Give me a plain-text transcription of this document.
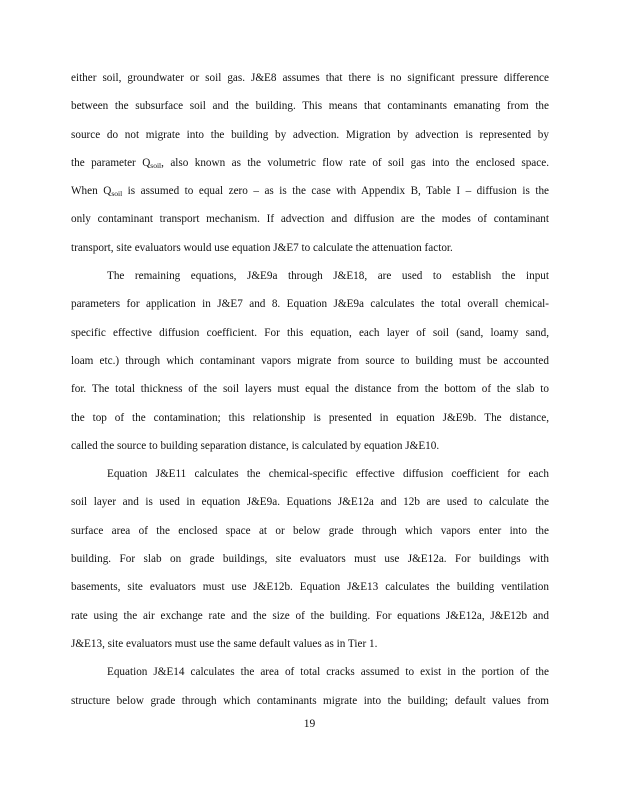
either soil, groundwater or soil gas. J&E8 assumes that there is no significant pressure difference
between the subsurface soil and the building. This means that contaminants emanating from the
source do not migrate into the building by advection. Migration by advection is represented by
the parameter $Q_{soil}$, also known as the volumetric flow rate of soil gas into the enclosed space.
When $Q_{soil}$ is assumed to equal zero – as is the case with Appendix B, Table I – diffusion is the
only contaminant transport mechanism. If advection and diffusion are the modes of contaminant
transport, site evaluators would use equation J&E7 to calculate the attenuation factor.
The remaining equations, J&E9a through J&E18, are used to establish the input
parameters for application in J&E7 and 8. Equation J&E9a calculates the total overall chemical-
specific effective diffusion coefficient. For this equation, each layer of soil (sand, loamy sand,
loam etc.) through which contaminant vapors migrate from source to building must be accounted
for. The total thickness of the soil layers must equal the distance from the bottom of the slab to
the top of the contamination; this relationship is presented in equation J&E9b. The distance,
called the source to building separation distance, is calculated by equation J&E10.
Equation J&E11 calculates the chemical-specific effective diffusion coefficient for each
soil layer and is used in equation J&E9a. Equations J&E12a and 12b are used to calculate the
surface area of the enclosed space at or below grade through which vapors enter into the
building. For slab on grade buildings, site evaluators must use J&E12a. For buildings with
basements, site evaluators must use J&E12b. Equation J&E13 calculates the building ventilation
rate using the air exchange rate and the size of the building. For equations J&E12a, J&E12b and
J&E13, site evaluators must use the same default values as in Tier 1.
Equation J&E14 calculates the area of total cracks assumed to exist in the portion of the
structure below grade through which contaminants migrate into the building; default values from
19
